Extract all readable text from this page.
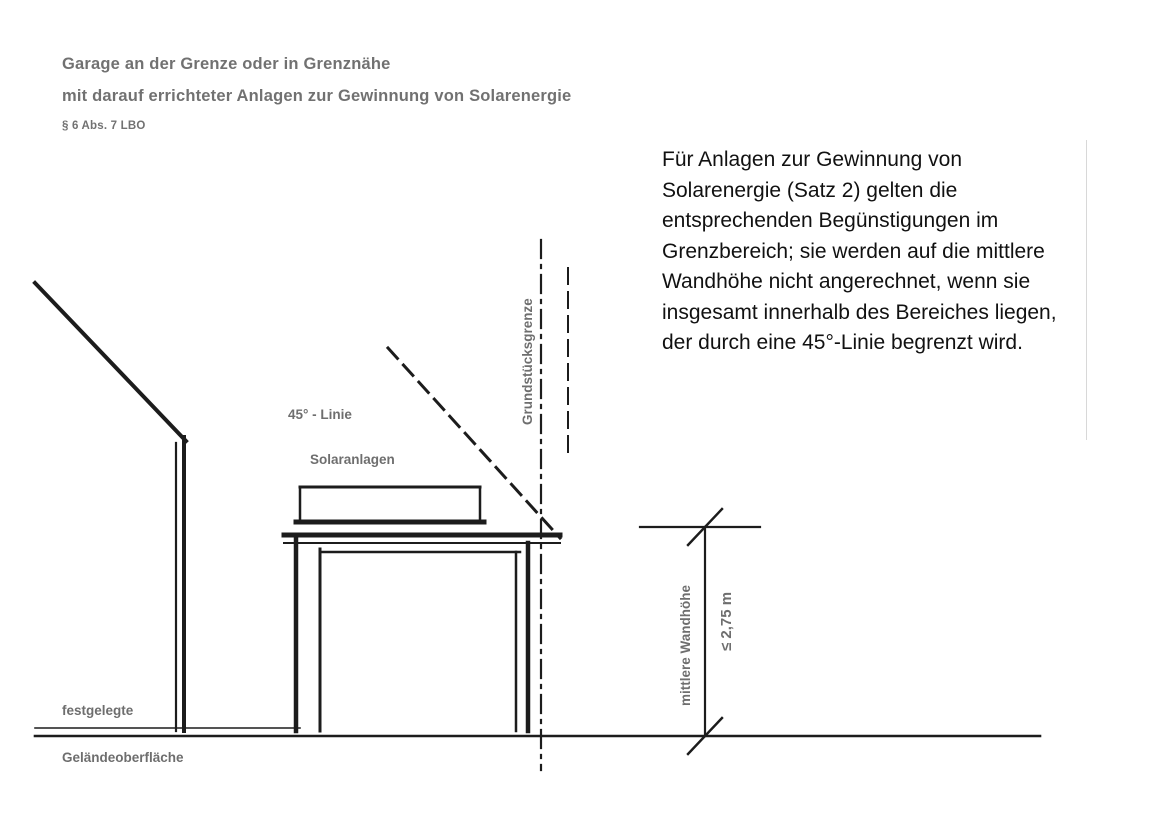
Garage an der Grenze oder in Grenznähe
mit darauf errichteter Anlagen zur Gewinnung von Solarenergie
§ 6 Abs. 7 LBO

Für Anlagen zur Gewinnung von Solarenergie (Satz 2) gelten die entsprechenden Begünstigungen im Grenzbereich; sie werden auf die mittlere Wandhöhe nicht angerechnet, wenn sie insgesamt innerhalb des Bereiches liegen, der durch eine 45°-Linie begrenzt wird.

Grundstücksgrenze
45° - Linie
Solaranlagen
festgelegte
Geländeoberfläche
mittlere Wandhöhe ≤ 2,75 m
